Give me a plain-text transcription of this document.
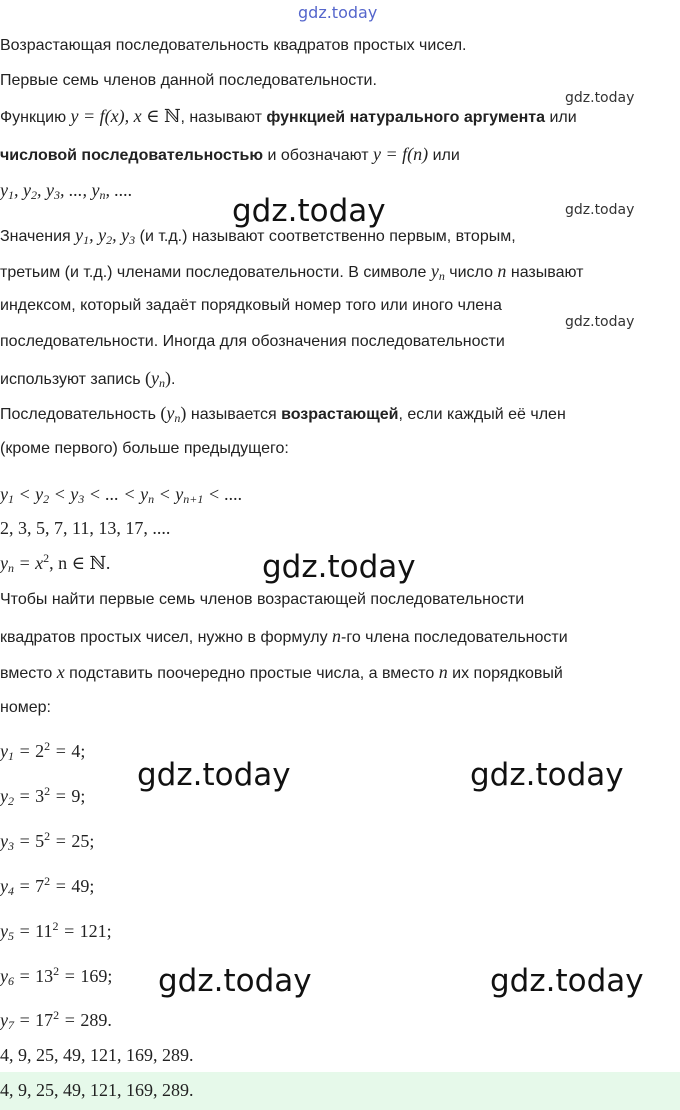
gdz.today
Возрастающая последовательность квадратов простых чисел.
Первые семь членов данной последовательности.
gdz.today
Функцию y = f(x), x ∈ ℕ, называют функцией натурального аргумента или
числовой последовательностью и обозначают y = f(n) или
$y_1$, $y_2$, $y_3$, ..., $y_n$, ....
gdz.today	gdz.today
Значения $y_1$, $y_2$, $y_3$ (и т.д.) называют соответственно первым, вторым,
третьим (и т.д.) членами последовательности. В символе $y_n$ число n называют
индексом, который задаёт порядковый номер того или иного члена
gdz.today
последовательности. Иногда для обозначения последовательности
используют запись $(y_n)$.
Последовательность $(y_n)$ называется возрастающей, если каждый её член
(кроме первого) больше предыдущего:
$y_1 < y_2 < y_3$ < ... < $y_n < y_{n+1}$ < ....
2, 3, 5, 7, 11, 13, 17, ....
$y_n = x^2$, n ∈ ℕ.	gdz.today
Чтобы найти первые семь членов возрастающей последовательности
квадратов простых чисел, нужно в формулу n-го члена последовательности
вместо x подставить поочередно простые числа, а вместо n их порядковый
номер:
$y_1 = 2^2 = 4$;
$y_2 = 3^2 = 9$;
$y_3 = 5^2 = 25$;
$y_4 = 7^2 = 49$;
$y_5 = 11^2 = 121$;
$y_6 = 13^2 = 169$;
$y_7 = 17^2 = 289$.
gdz.today	gdz.today
gdz.today	gdz.today
4, 9, 25, 49, 121, 169, 289.
4, 9, 25, 49, 121, 169, 289.
